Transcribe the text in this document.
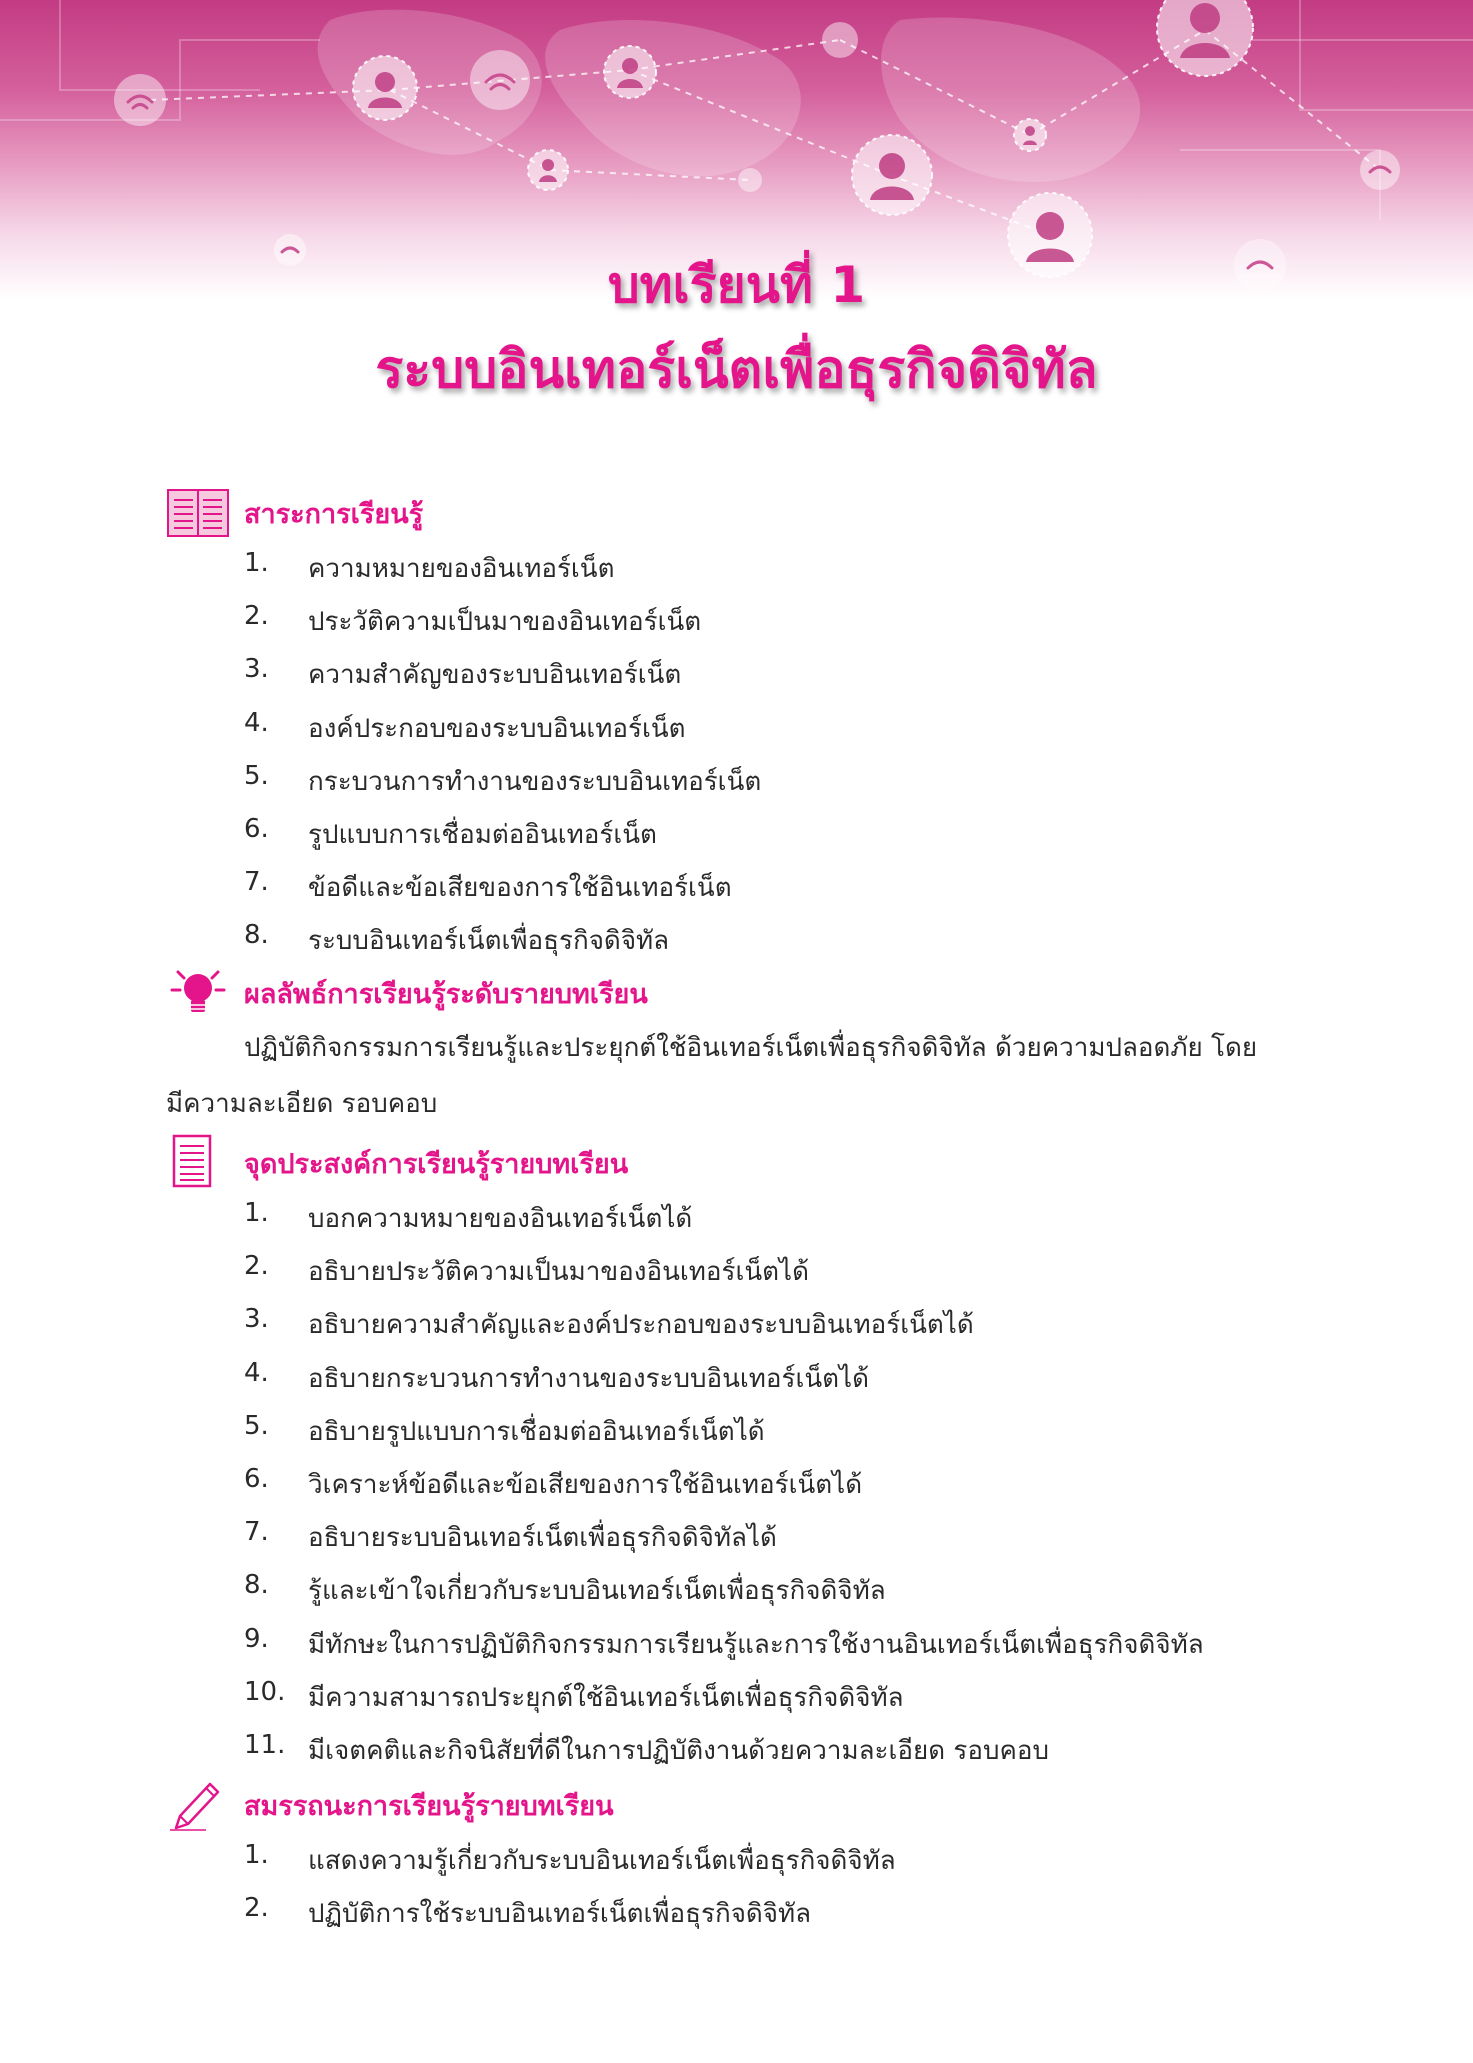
บทเรียนที่ 1
ระบบอินเทอร์เน็ตเพื่อธุรกิจดิจิทัล
สาระการเรียนรู้
1. ความหมายของอินเทอร์เน็ต
2. ประวัติความเป็นมาของอินเทอร์เน็ต
3. ความสำคัญของระบบอินเทอร์เน็ต
4. องค์ประกอบของระบบอินเทอร์เน็ต
5. กระบวนการทำงานของระบบอินเทอร์เน็ต
6. รูปแบบการเชื่อมต่ออินเทอร์เน็ต
7. ข้อดีและข้อเสียของการใช้อินเทอร์เน็ต
8. ระบบอินเทอร์เน็ตเพื่อธุรกิจดิจิทัล
ผลลัพธ์การเรียนรู้ระดับรายบทเรียน
ปฏิบัติกิจกรรมการเรียนรู้และประยุกต์ใช้อินเทอร์เน็ตเพื่อธุรกิจดิจิทัล ด้วยความปลอดภัย โดย
มีความละเอียด รอบคอบ
จุดประสงค์การเรียนรู้รายบทเรียน
1. บอกความหมายของอินเทอร์เน็ตได้
2. อธิบายประวัติความเป็นมาของอินเทอร์เน็ตได้
3. อธิบายความสำคัญและองค์ประกอบของระบบอินเทอร์เน็ตได้
4. อธิบายกระบวนการทำงานของระบบอินเทอร์เน็ตได้
5. อธิบายรูปแบบการเชื่อมต่ออินเทอร์เน็ตได้
6. วิเคราะห์ข้อดีและข้อเสียของการใช้อินเทอร์เน็ตได้
7. อธิบายระบบอินเทอร์เน็ตเพื่อธุรกิจดิจิทัลได้
8. รู้และเข้าใจเกี่ยวกับระบบอินเทอร์เน็ตเพื่อธุรกิจดิจิทัล
9. มีทักษะในการปฏิบัติกิจกรรมการเรียนรู้และการใช้งานอินเทอร์เน็ตเพื่อธุรกิจดิจิทัล
10. มีความสามารถประยุกต์ใช้อินเทอร์เน็ตเพื่อธุรกิจดิจิทัล
11. มีเจตคติและกิจนิสัยที่ดีในการปฏิบัติงานด้วยความละเอียด รอบคอบ
สมรรถนะการเรียนรู้รายบทเรียน
1. แสดงความรู้เกี่ยวกับระบบอินเทอร์เน็ตเพื่อธุรกิจดิจิทัล
2. ปฏิบัติการใช้ระบบอินเทอร์เน็ตเพื่อธุรกิจดิจิทัล
